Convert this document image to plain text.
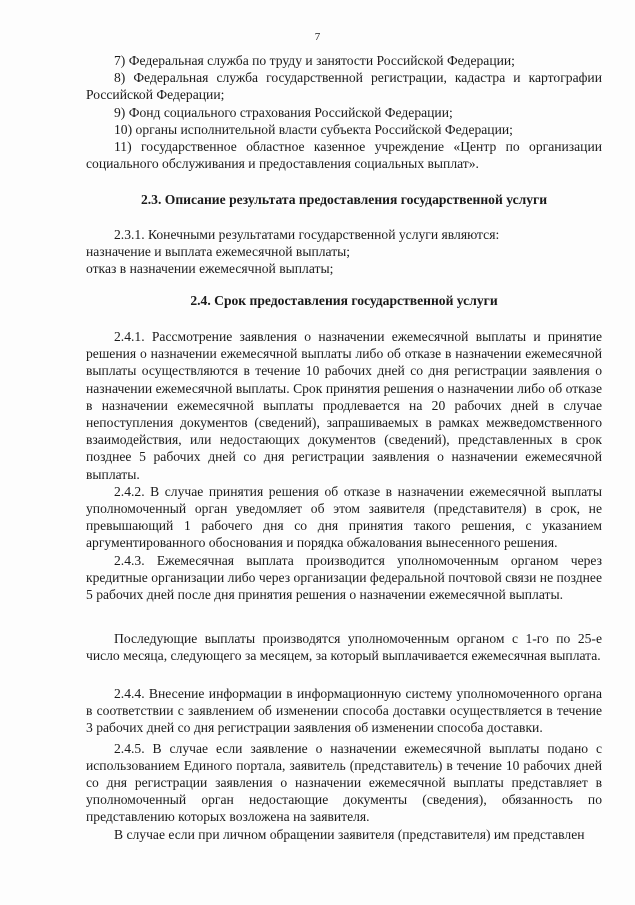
7

7) Федеральная служба по труду и занятости Российской Федерации;

8) Федеральная служба государственной регистрации, кадастра и картографии Российской Федерации;

9) Фонд социального страхования Российской Федерации;

10) органы исполнительной власти субъекта Российской Федерации;

11) государственное областное казенное учреждение «Центр по организации социального обслуживания и предоставления социальных выплат».

2.3. Описание результата предоставления государственной услуги

2.3.1. Конечными результатами государственной услуги являются:

назначение и выплата ежемесячной выплаты;

отказ в назначении ежемесячной выплаты;

2.4. Срок предоставления государственной услуги

2.4.1. Рассмотрение заявления о назначении ежемесячной выплаты и принятие решения о назначении ежемесячной выплаты либо об отказе в назначении ежемесячной выплаты осуществляются в течение 10 рабочих дней со дня регистрации заявления о назначении ежемесячной выплаты. Срок принятия решения о назначении либо об отказе в назначении ежемесячной выплаты продлевается на 20 рабочих дней в случае непоступления документов (сведений), запрашиваемых в рамках межведомственного взаимодействия, или недостающих документов (сведений), представленных в срок позднее 5 рабочих дней со дня регистрации заявления о назначении ежемесячной выплаты.

2.4.2. В случае принятия решения об отказе в назначении ежемесячной выплаты уполномоченный орган уведомляет об этом заявителя (представителя) в срок, не превышающий 1 рабочего дня со дня принятия такого решения, с указанием аргументированного обоснования и порядка обжалования вынесенного решения.

2.4.3. Ежемесячная выплата производится уполномоченным органом через кредитные организации либо через организации федеральной почтовой связи не позднее 5 рабочих дней после дня принятия решения о назначении ежемесячной выплаты.

Последующие выплаты производятся уполномоченным органом с 1-го по 25-е число месяца, следующего за месяцем, за который выплачивается ежемесячная выплата.

2.4.4. Внесение информации в информационную систему уполномоченного органа в соответствии с заявлением об изменении способа доставки осуществляется в течение 3 рабочих дней со дня регистрации заявления об изменении способа доставки.

2.4.5. В случае если заявление о назначении ежемесячной выплаты подано с использованием Единого портала, заявитель (представитель) в течение 10 рабочих дней со дня регистрации заявления о назначении ежемесячной выплаты представляет в уполномоченный орган недостающие документы (сведения), обязанность по представлению которых возложена на заявителя.

В случае если при личном обращении заявителя (представителя) им представлен
